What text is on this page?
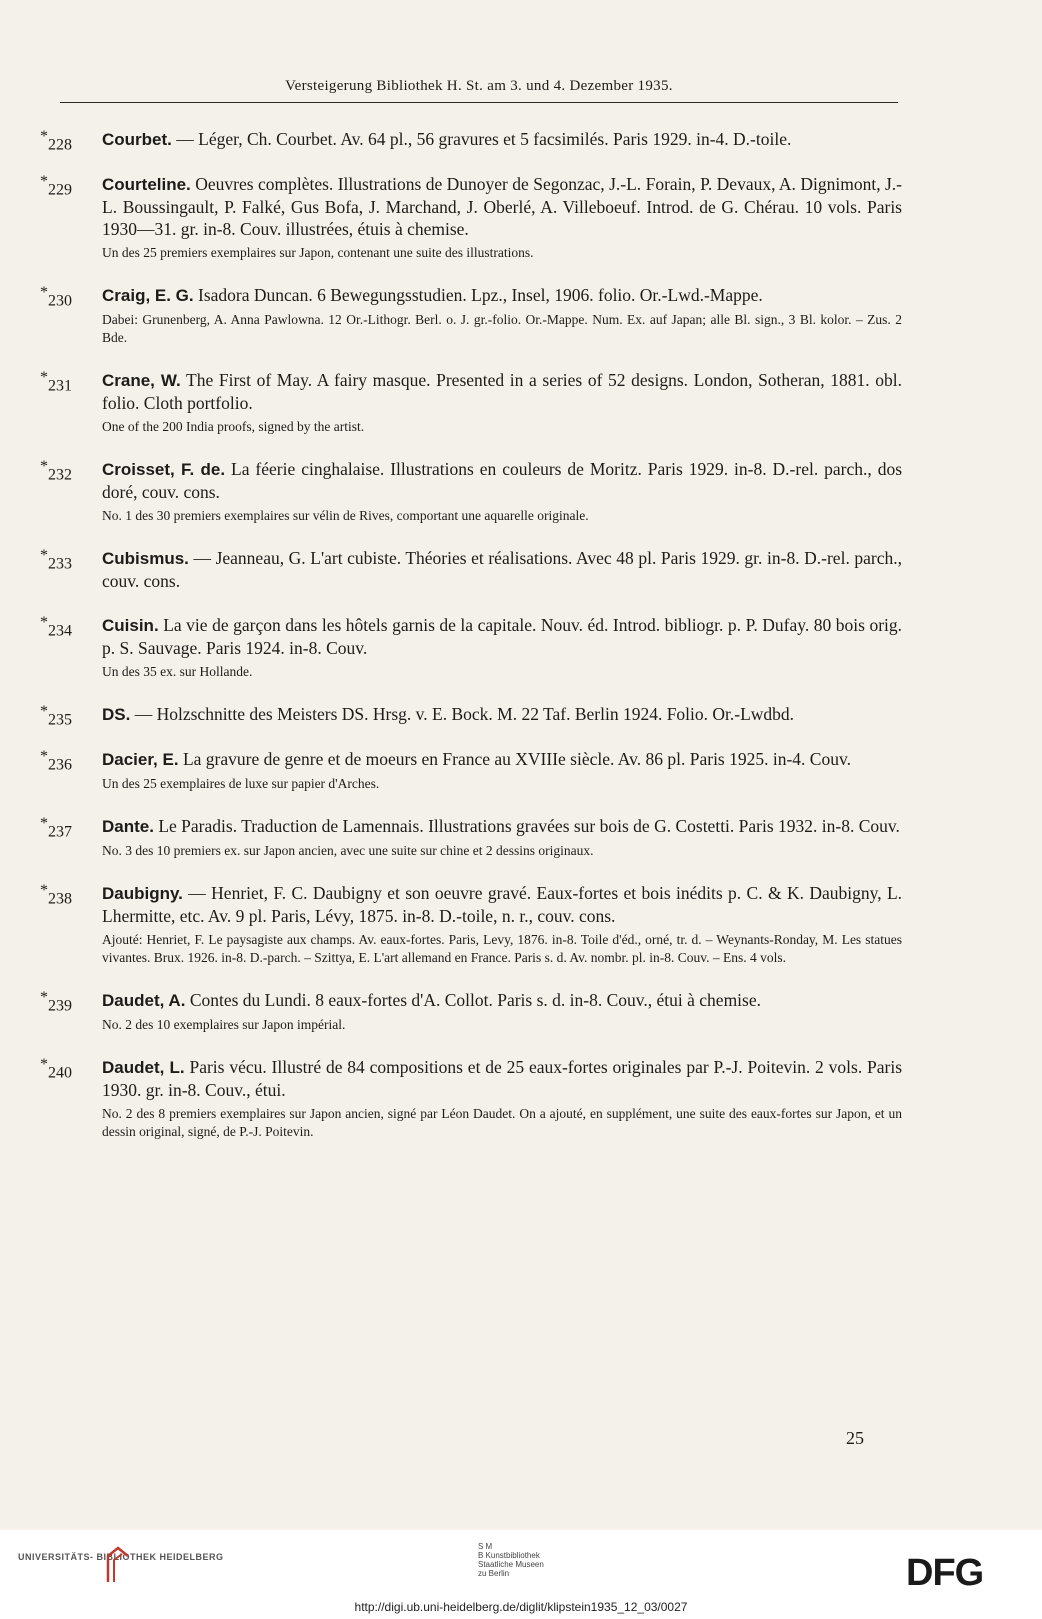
Versteigerung Bibliothek H. St. am 3. und 4. Dezember 1935.
*228	Courbet. — Léger, Ch. Courbet. Av. 64 pl., 56 gravures et 5 facsimilés. Paris 1929. in-4. D.-toile.
*229	Courteline. Oeuvres complètes. Illustrations de Dunoyer de Segonzac, J.-L. Forain, P. Devaux, A. Dignimont, J.-L. Boussingault, P. Falké, Gus Bofa, J. Marchand, J. Oberlé, A. Villeboeuf. Introd. de G. Chérau. 10 vols. Paris 1930—31. gr. in-8. Couv. illustrées, étuis à chemise.
Un des 25 premiers exemplaires sur Japon, contenant une suite des illustrations.
*230	Craig, E. G. Isadora Duncan. 6 Bewegungsstudien. Lpz., Insel, 1906. folio. Or.-Lwd.-Mappe.
Dabei: Grunenberg, A. Anna Pawlowna. 12 Or.-Lithogr. Berl. o. J. gr.-folio. Or.-Mappe. Num. Ex. auf Japan; alle Bl. sign., 3 Bl. kolor. – Zus. 2 Bde.
*231	Crane, W. The First of May. A fairy masque. Presented in a series of 52 designs. London, Sotheran, 1881. obl. folio. Cloth portfolio.
One of the 200 India proofs, signed by the artist.
*232	Croisset, F. de. La féerie cinghalaise. Illustrations en couleurs de Moritz. Paris 1929. in-8. D.-rel. parch., dos doré, couv. cons.
No. 1 des 30 premiers exemplaires sur vélin de Rives, comportant une aquarelle originale.
*233	Cubismus. — Jeanneau, G. L'art cubiste. Théories et réalisations. Avec 48 pl. Paris 1929. gr. in-8. D.-rel. parch., couv. cons.
*234	Cuisin. La vie de garçon dans les hôtels garnis de la capitale. Nouv. éd. Introd. bibliogr. p. P. Dufay. 80 bois orig. p. S. Sauvage. Paris 1924. in-8. Couv.
Un des 35 ex. sur Hollande.
*235	DS. — Holzschnitte des Meisters DS. Hrsg. v. E. Bock. M. 22 Taf. Berlin 1924. Folio. Or.-Lwdbd.
*236	Dacier, E. La gravure de genre et de moeurs en France au XVIIIe siècle. Av. 86 pl. Paris 1925. in-4. Couv.
Un des 25 exemplaires de luxe sur papier d'Arches.
*237	Dante. Le Paradis. Traduction de Lamennais. Illustrations gravées sur bois de G. Costetti. Paris 1932. in-8. Couv.
No. 3 des 10 premiers ex. sur Japon ancien, avec une suite sur chine et 2 dessins originaux.
*238	Daubigny. — Henriet, F. C. Daubigny et son oeuvre gravé. Eaux-fortes et bois inédits p. C. & K. Daubigny, L. Lhermitte, etc. Av. 9 pl. Paris, Lévy, 1875. in-8. D.-toile, n. r., couv. cons.
Ajouté: Henriet, F. Le paysagiste aux champs. Av. eaux-fortes. Paris, Levy, 1876. in-8. Toile d'éd., orné, tr. d. – Weynants-Ronday, M. Les statues vivantes. Brux. 1926. in-8. D.-parch. – Szittya, E. L'art allemand en France. Paris s. d. Av. nombr. pl. in-8. Couv. – Ens. 4 vols.
*239	Daudet, A. Contes du Lundi. 8 eaux-fortes d'A. Collot. Paris s. d. in-8. Couv., étui à chemise.
No. 2 des 10 exemplaires sur Japon impérial.
*240	Daudet, L. Paris vécu. Illustré de 84 compositions et de 25 eaux-fortes originales par P.-J. Poitevin. 2 vols. Paris 1930. gr. in-8. Couv., étui.
No. 2 des 8 premiers exemplaires sur Japon ancien, signé par Léon Daudet. On a ajouté, en supplément, une suite des eaux-fortes sur Japon, et un dessin original, signé, de P.-J. Poitevin.
25
UNIVERSITÄTS- BIBLIOTHEK HEIDELBERG
S M
B Kunstbibliothek
Staatliche Museen
zu Berlin	DFG
http://digi.ub.uni-heidelberg.de/diglit/klipstein1935_12_03/0027
